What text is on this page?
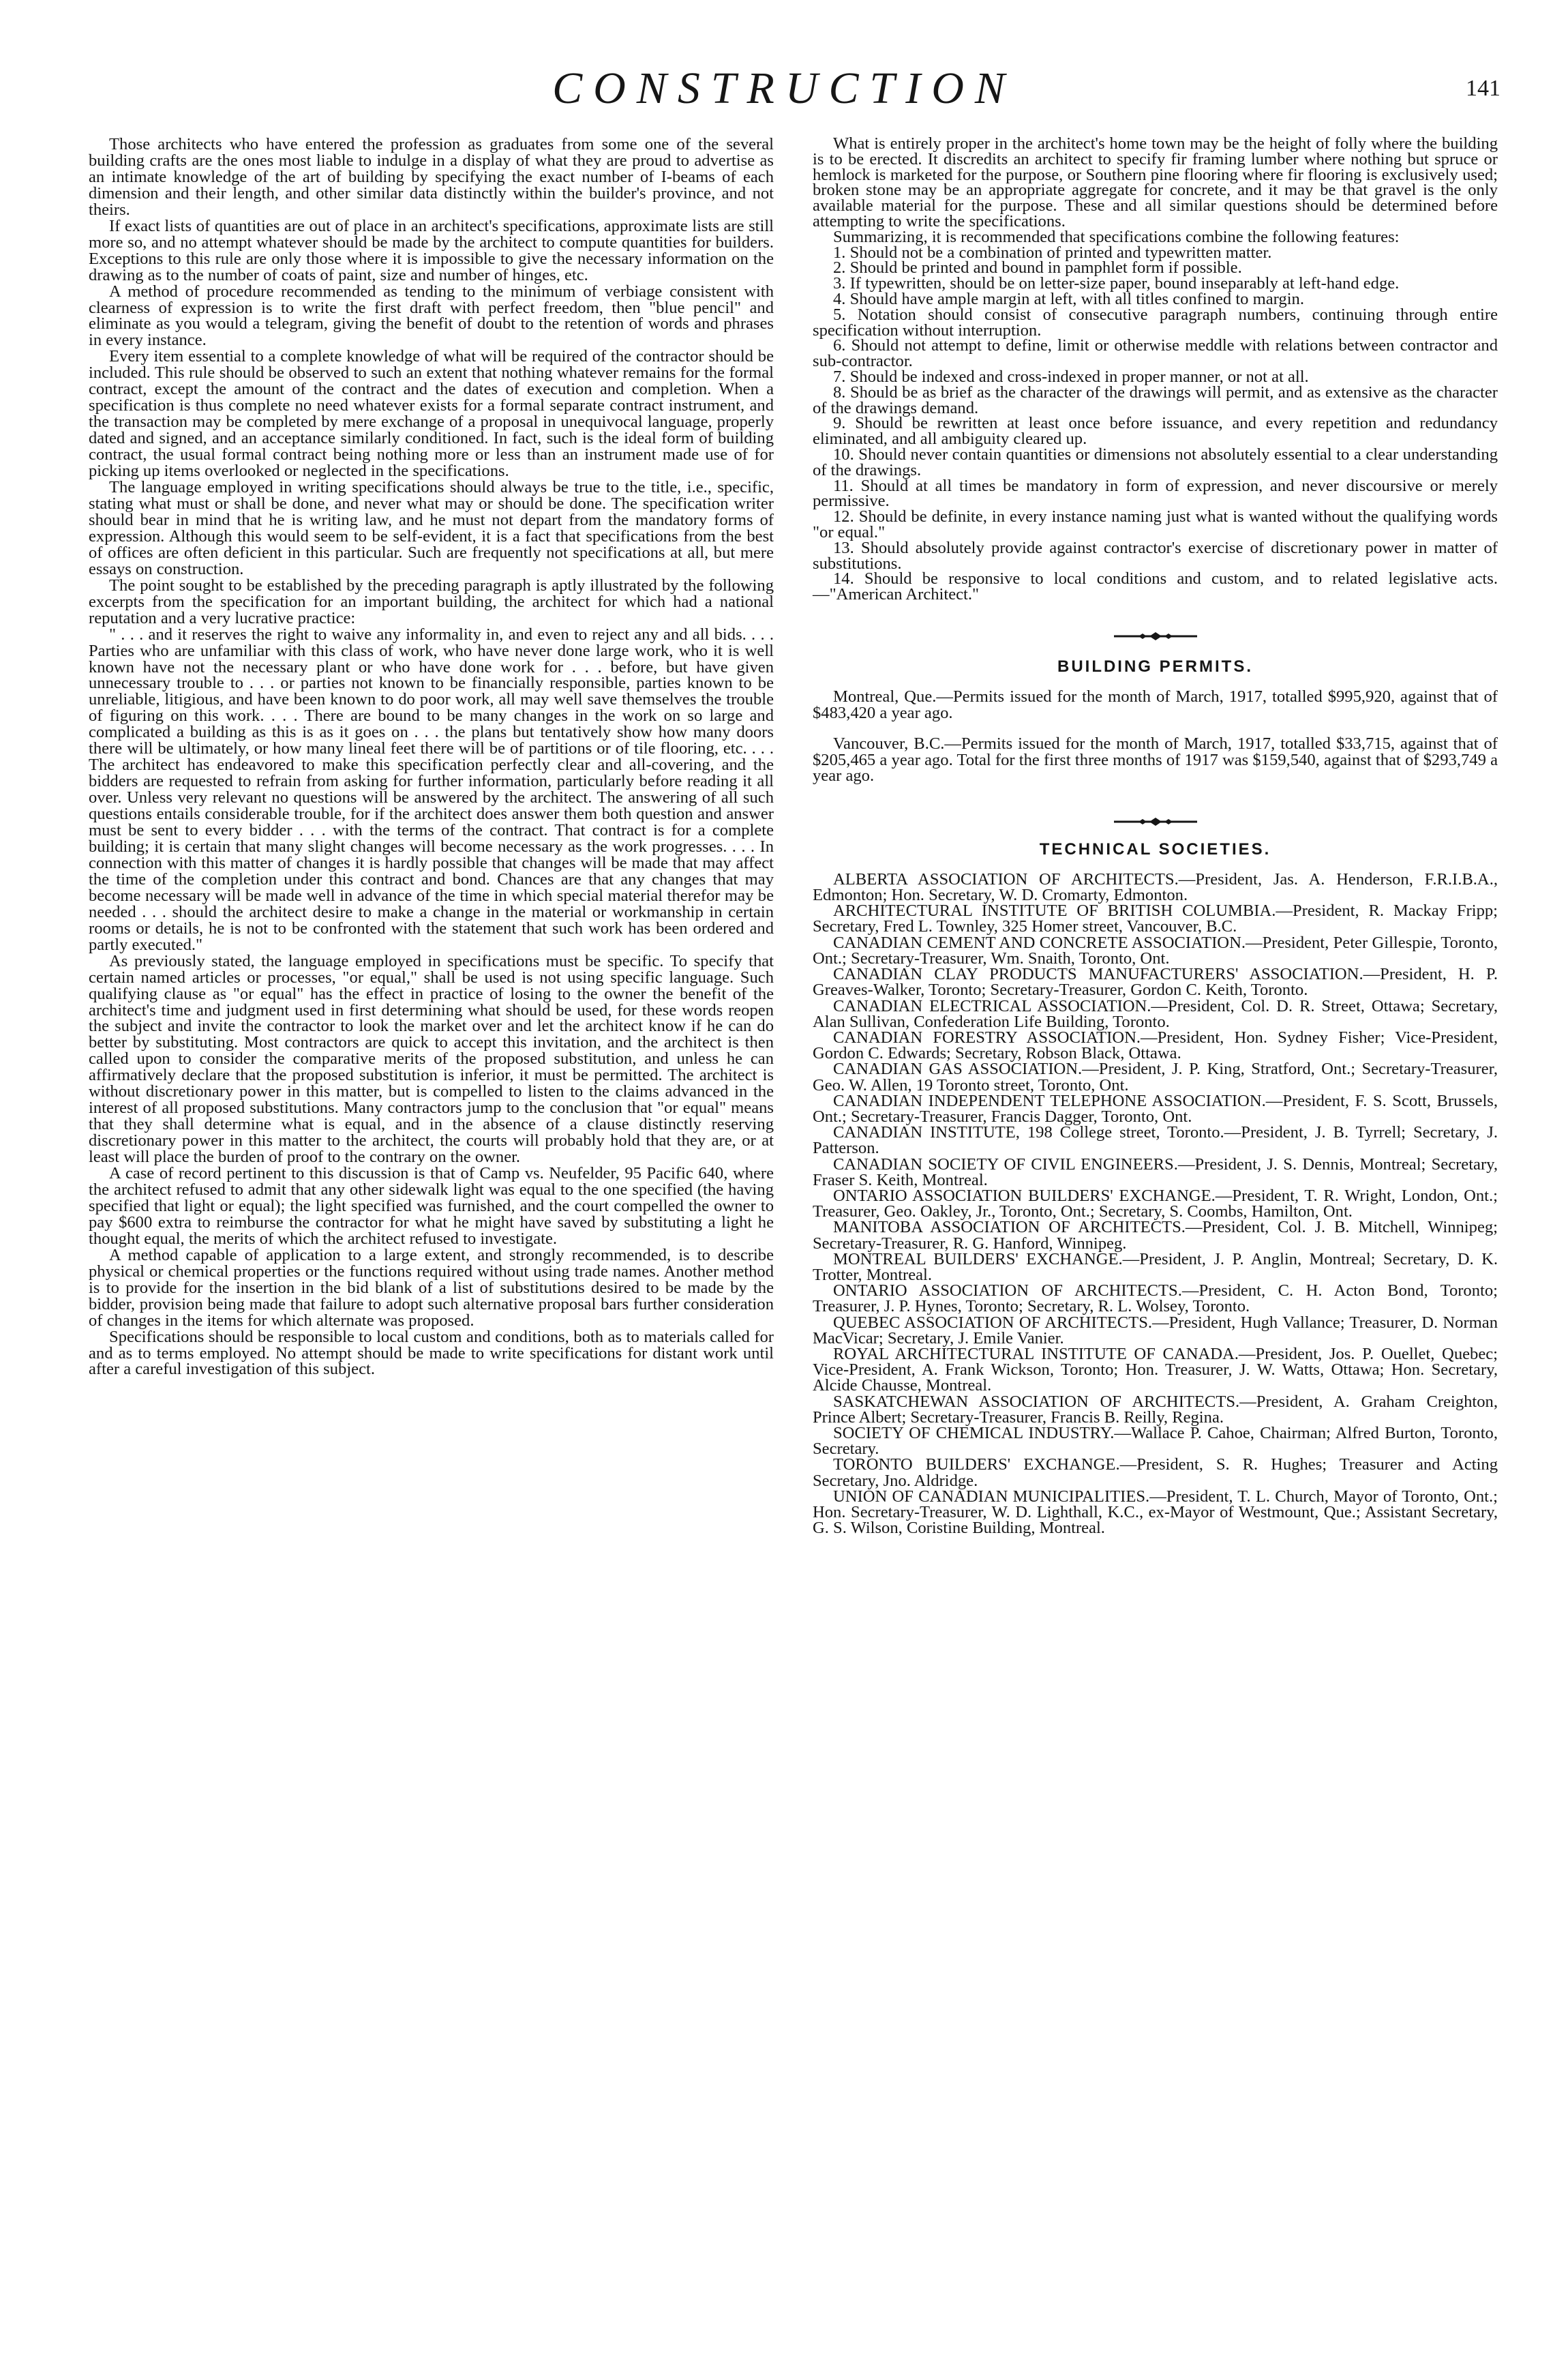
CONSTRUCTION	141

Those architects who have entered the profession as graduates from some one of the several building crafts are the ones most liable to indulge in a display of what they are proud to advertise as an intimate knowledge of the art of building by specifying the exact number of I-beams of each dimension and their length, and other similar data distinctly within the builder's province, and not theirs.

If exact lists of quantities are out of place in an architect's specifications, approximate lists are still more so, and no attempt whatever should be made by the architect to compute quantities for builders. Exceptions to this rule are only those where it is impossible to give the necessary information on the drawing as to the number of coats of paint, size and number of hinges, etc.

A method of procedure recommended as tending to the minimum of verbiage consistent with clearness of expression is to write the first draft with perfect freedom, then "blue pencil" and eliminate as you would a telegram, giving the benefit of doubt to the retention of words and phrases in every instance.

Every item essential to a complete knowledge of what will be required of the contractor should be included. This rule should be observed to such an extent that nothing whatever remains for the formal contract, except the amount of the contract and the dates of execution and completion. When a specification is thus complete no need whatever exists for a formal separate contract instrument, and the transaction may be completed by mere exchange of a proposal in unequivocal language, properly dated and signed, and an acceptance similarly conditioned. In fact, such is the ideal form of building contract, the usual formal contract being nothing more or less than an instrument made use of for picking up items overlooked or neglected in the specifications.

The language employed in writing specifications should always be true to the title, i.e., specific, stating what must or shall be done, and never what may or should be done. The specification writer should bear in mind that he is writing law, and he must not depart from the mandatory forms of expression. Although this would seem to be self-evident, it is a fact that specifications from the best of offices are often deficient in this particular. Such are frequently not specifications at all, but mere essays on construction.

The point sought to be established by the preceding paragraph is aptly illustrated by the following excerpts from the specification for an important building, the architect for which had a national reputation and a very lucrative practice:

" . . . and it reserves the right to waive any informality in, and even to reject any and all bids. . . . Parties who are unfamiliar with this class of work, who have never done large work, who it is well known have not the necessary plant or who have done work for . . . before, but have given unnecessary trouble to . . . or parties not known to be financially responsible, parties known to be unreliable, litigious, and have been known to do poor work, all may well save themselves the trouble of figuring on this work. . . . There are bound to be many changes in the work on so large and complicated a building as this is as it goes on . . . the plans but tentatively show how many doors there will be ultimately, or how many lineal feet there will be of partitions or of tile flooring, etc. . . . The architect has endeavored to make this specification perfectly clear and all-covering, and the bidders are requested to refrain from asking for further information, particularly before reading it all over. Unless very relevant no questions will be answered by the architect. The answering of all such questions entails considerable trouble, for if the architect does answer them both question and answer must be sent to every bidder . . . with the terms of the contract. That contract is for a complete building; it is certain that many slight changes will become necessary as the work progresses. . . . In connection with this matter of changes it is hardly possible that changes will be made that may affect the time of the completion under this contract and bond. Chances are that any changes that may become necessary will be made well in advance of the time in which special material therefor may be needed . . . should the architect desire to make a change in the material or workmanship in certain rooms or details, he is not to be confronted with the statement that such work has been ordered and partly executed."

As previously stated, the language employed in specifications must be specific. To specify that certain named articles or processes, "or equal," shall be used is not using specific language. Such qualifying clause as "or equal" has the effect in practice of losing to the owner the benefit of the architect's time and judgment used in first determining what should be used, for these words reopen the subject and invite the contractor to look the market over and let the architect know if he can do better by substituting. Most contractors are quick to accept this invitation, and the architect is then called upon to consider the comparative merits of the proposed substitution, and unless he can affirmatively declare that the proposed substitution is inferior, it must be permitted. The architect is without discretionary power in this matter, but is compelled to listen to the claims advanced in the interest of all proposed substitutions. Many contractors jump to the conclusion that "or equal" means that they shall determine what is equal, and in the absence of a clause distinctly reserving discretionary power in this matter to the architect, the courts will probably hold that they are, or at least will place the burden of proof to the contrary on the owner.

A case of record pertinent to this discussion is that of Camp vs. Neufelder, 95 Pacific 640, where the architect refused to admit that any other sidewalk light was equal to the one specified (the having specified that light or equal); the light specified was furnished, and the court compelled the owner to pay $600 extra to reimburse the contractor for what he might have saved by substituting a light he thought equal, the merits of which the architect refused to investigate.

A method capable of application to a large extent, and strongly recommended, is to describe physical or chemical properties or the functions required without using trade names. Another method is to provide for the insertion in the bid blank of a list of substitutions desired to be made by the bidder, provision being made that failure to adopt such alternative proposal bars further consideration of changes in the items for which alternate was proposed.

Specifications should be responsible to local custom and conditions, both as to materials called for and as to terms employed. No attempt should be made to write specifications for distant work until after a careful investigation of this subject.

What is entirely proper in the architect's home town may be the height of folly where the building is to be erected. It discredits an architect to specify fir framing lumber where nothing but spruce or hemlock is marketed for the purpose, or Southern pine flooring where fir flooring is exclusively used; broken stone may be an appropriate aggregate for concrete, and it may be that gravel is the only available material for the purpose. These and all similar questions should be determined before attempting to write the specifications.

Summarizing, it is recommended that specifications combine the following features:

1. Should not be a combination of printed and typewritten matter.

2. Should be printed and bound in pamphlet form if possible.

3. If typewritten, should be on letter-size paper, bound inseparably at left-hand edge.

4. Should have ample margin at left, with all titles confined to margin.

5. Notation should consist of consecutive paragraph numbers, continuing through entire specification without interruption.

6. Should not attempt to define, limit or otherwise meddle with relations between contractor and sub-contractor.

7. Should be indexed and cross-indexed in proper manner, or not at all.

8. Should be as brief as the character of the drawings will permit, and as extensive as the character of the drawings demand.

9. Should be rewritten at least once before issuance, and every repetition and redundancy eliminated, and all ambiguity cleared up.

10. Should never contain quantities or dimensions not absolutely essential to a clear understanding of the drawings.

11. Should at all times be mandatory in form of expression, and never discoursive or merely permissive.

12. Should be definite, in every instance naming just what is wanted without the qualifying words "or equal."

13. Should absolutely provide against contractor's exercise of discretionary power in matter of substitutions.

14. Should be responsive to local conditions and custom, and to related legislative acts.—"American Architect."

BUILDING PERMITS.

Montreal, Que.—Permits issued for the month of March, 1917, totalled $995,920, against that of $483,420 a year ago.

Vancouver, B.C.—Permits issued for the month of March, 1917, totalled $33,715, against that of $205,465 a year ago. Total for the first three months of 1917 was $159,540, against that of $293,749 a year ago.

TECHNICAL SOCIETIES.

ALBERTA ASSOCIATION OF ARCHITECTS.—President, Jas. A. Henderson, F.R.I.B.A., Edmonton; Hon. Secretary, W. D. Cromarty, Edmonton.

ARCHITECTURAL INSTITUTE OF BRITISH COLUMBIA.—President, R. Mackay Fripp; Secretary, Fred L. Townley, 325 Homer street, Vancouver, B.C.

CANADIAN CEMENT AND CONCRETE ASSOCIATION.—President, Peter Gillespie, Toronto, Ont.; Secretary-Treasurer, Wm. Snaith, Toronto, Ont.

CANADIAN CLAY PRODUCTS MANUFACTURERS' ASSOCIATION.—President, H. P. Greaves-Walker, Toronto; Secretary-Treasurer, Gordon C. Keith, Toronto.

CANADIAN ELECTRICAL ASSOCIATION.—President, Col. D. R. Street, Ottawa; Secretary, Alan Sullivan, Confederation Life Building, Toronto.

CANADIAN FORESTRY ASSOCIATION.—President, Hon. Sydney Fisher; Vice-President, Gordon C. Edwards; Secretary, Robson Black, Ottawa.

CANADIAN GAS ASSOCIATION.—President, J. P. King, Stratford, Ont.; Secretary-Treasurer, Geo. W. Allen, 19 Toronto street, Toronto, Ont.

CANADIAN INDEPENDENT TELEPHONE ASSOCIATION.—President, F. S. Scott, Brussels, Ont.; Secretary-Treasurer, Francis Dagger, Toronto, Ont.

CANADIAN INSTITUTE, 198 College street, Toronto.—President, J. B. Tyrrell; Secretary, J. Patterson.

CANADIAN SOCIETY OF CIVIL ENGINEERS.—President, J. S. Dennis, Montreal; Secretary, Fraser S. Keith, Montreal.

ONTARIO ASSOCIATION BUILDERS' EXCHANGE.—President, T. R. Wright, London, Ont.; Treasurer, Geo. Oakley, Jr., Toronto, Ont.; Secretary, S. Coombs, Hamilton, Ont.

MANITOBA ASSOCIATION OF ARCHITECTS.—President, Col. J. B. Mitchell, Winnipeg; Secretary-Treasurer, R. G. Hanford, Winnipeg.

MONTREAL BUILDERS' EXCHANGE.—President, J. P. Anglin, Montreal; Secretary, D. K. Trotter, Montreal.

ONTARIO ASSOCIATION OF ARCHITECTS.—President, C. H. Acton Bond, Toronto; Treasurer, J. P. Hynes, Toronto; Secretary, R. L. Wolsey, Toronto.

QUEBEC ASSOCIATION OF ARCHITECTS.—President, Hugh Vallance; Treasurer, D. Norman MacVicar; Secretary, J. Emile Vanier.

ROYAL ARCHITECTURAL INSTITUTE OF CANADA.—President, Jos. P. Ouellet, Quebec; Vice-President, A. Frank Wickson, Toronto; Hon. Treasurer, J. W. Watts, Ottawa; Hon. Secretary, Alcide Chausse, Montreal.

SASKATCHEWAN ASSOCIATION OF ARCHITECTS.—President, A. Graham Creighton, Prince Albert; Secretary-Treasurer, Francis B. Reilly, Regina.

SOCIETY OF CHEMICAL INDUSTRY.—Wallace P. Cahoe, Chairman; Alfred Burton, Toronto, Secretary.

TORONTO BUILDERS' EXCHANGE.—President, S. R. Hughes; Treasurer and Acting Secretary, Jno. Aldridge.

UNION OF CANADIAN MUNICIPALITIES.—President, T. L. Church, Mayor of Toronto, Ont.; Hon. Secretary-Treasurer, W. D. Lighthall, K.C., ex-Mayor of Westmount, Que.; Assistant Secretary, G. S. Wilson, Coristine Building, Montreal.
